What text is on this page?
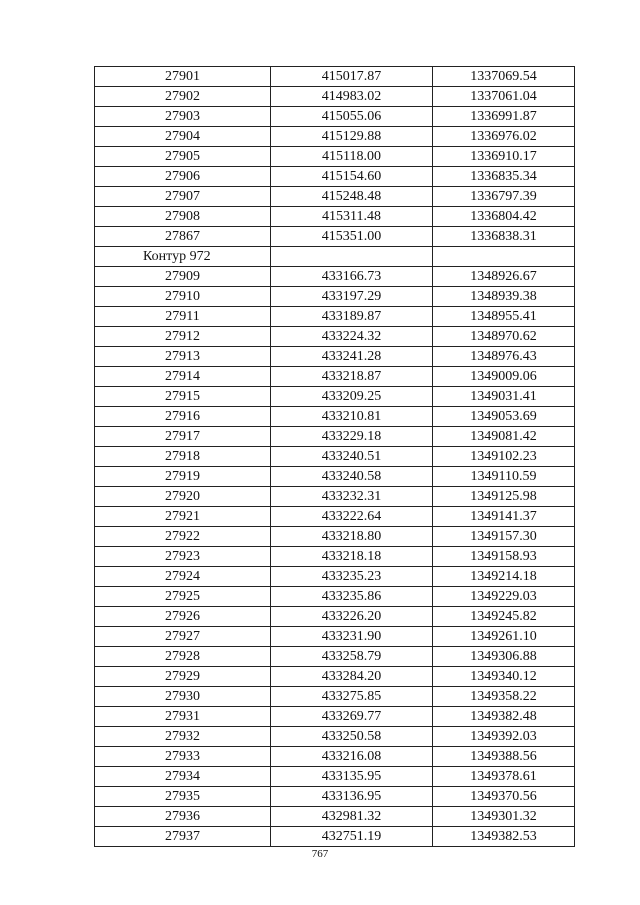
27901	415017.87	1337069.54
27902	414983.02	1337061.04
27903	415055.06	1336991.87
27904	415129.88	1336976.02
27905	415118.00	1336910.17
27906	415154.60	1336835.34
27907	415248.48	1336797.39
27908	415311.48	1336804.42
27867	415351.00	1336838.31
Контур 972		
27909	433166.73	1348926.67
27910	433197.29	1348939.38
27911	433189.87	1348955.41
27912	433224.32	1348970.62
27913	433241.28	1348976.43
27914	433218.87	1349009.06
27915	433209.25	1349031.41
27916	433210.81	1349053.69
27917	433229.18	1349081.42
27918	433240.51	1349102.23
27919	433240.58	1349110.59
27920	433232.31	1349125.98
27921	433222.64	1349141.37
27922	433218.80	1349157.30
27923	433218.18	1349158.93
27924	433235.23	1349214.18
27925	433235.86	1349229.03
27926	433226.20	1349245.82
27927	433231.90	1349261.10
27928	433258.79	1349306.88
27929	433284.20	1349340.12
27930	433275.85	1349358.22
27931	433269.77	1349382.48
27932	433250.58	1349392.03
27933	433216.08	1349388.56
27934	433135.95	1349378.61
27935	433136.95	1349370.56
27936	432981.32	1349301.32
27937	432751.19	1349382.53
767
